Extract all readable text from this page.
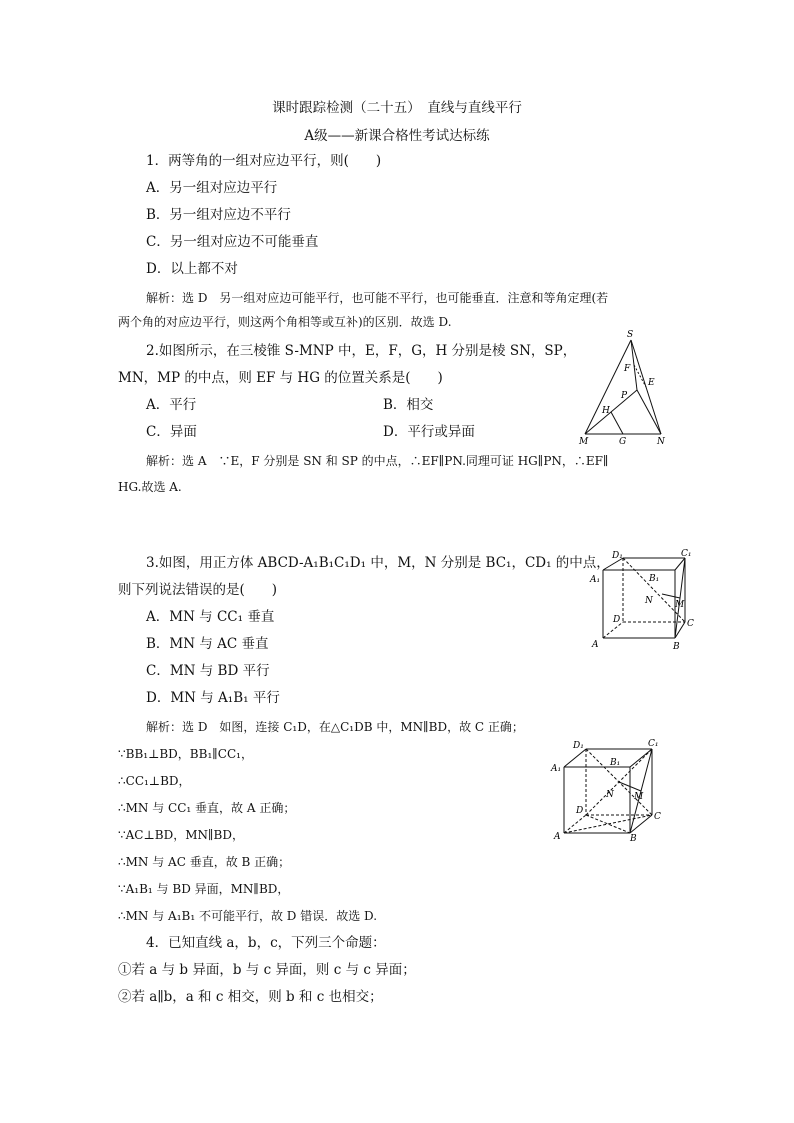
课时跟踪检测（二十五）　直线与直线平行
A级——新课合格性考试达标练
1．两等角的一组对应边平行，则(　　)
A．另一组对应边平行
B．另一组对应边不平行
C．另一组对应边不可能垂直
D．以上都不对
解析：选 D　另一组对应边可能平行，也可能不平行，也可能垂直．注意和等角定理(若
两个角的对应边平行，则这两个角相等或互补)的区别．故选 D.
2.如图所示，在三棱锥 S-MNP 中，E，F，G，H 分别是棱 SN，SP，
MN，MP 的中点，则 EF 与 HG 的位置关系是(　　)
A．平行	B．相交
C．异面	D．平行或异面
解析：选 A　∵E，F 分别是 SN 和 SP 的中点，∴EF∥PN.同理可证 HG∥PN，∴EF∥
HG.故选 A.
S
F
E
P
H
M	G	N
3.如图，用正方体 ABCD-A₁B₁C₁D₁ 中，M，N 分别是 BC₁，CD₁ 的中点，
则下列说法错误的是(　　)
A．MN 与 CC₁ 垂直
B．MN 与 AC 垂直
C．MN 与 BD 平行
D．MN 与 A₁B₁ 平行
解析：选 D　如图，连接 C₁D，在△C₁DB 中，MN∥BD，故 C 正确；
∵BB₁⊥BD，BB₁∥CC₁，
∴CC₁⊥BD，
∴MN 与 CC₁ 垂直，故 A 正确；
∵AC⊥BD，MN∥BD，
∴MN 与 AC 垂直，故 B 正确；
∵A₁B₁ 与 BD 异面，MN∥BD，
∴MN 与 A₁B₁ 不可能平行，故 D 错误．故选 D.
D₁	C₁
A₁	B₁
N M
D	C
A	B
D₁	C₁
A₁
B₁
N M
D
C
A	B
4．已知直线 a，b，c，下列三个命题：
①若 a 与 b 异面，b 与 c 异面，则 c 与 c 异面；
②若 a∥b，a 和 c 相交，则 b 和 c 也相交；
